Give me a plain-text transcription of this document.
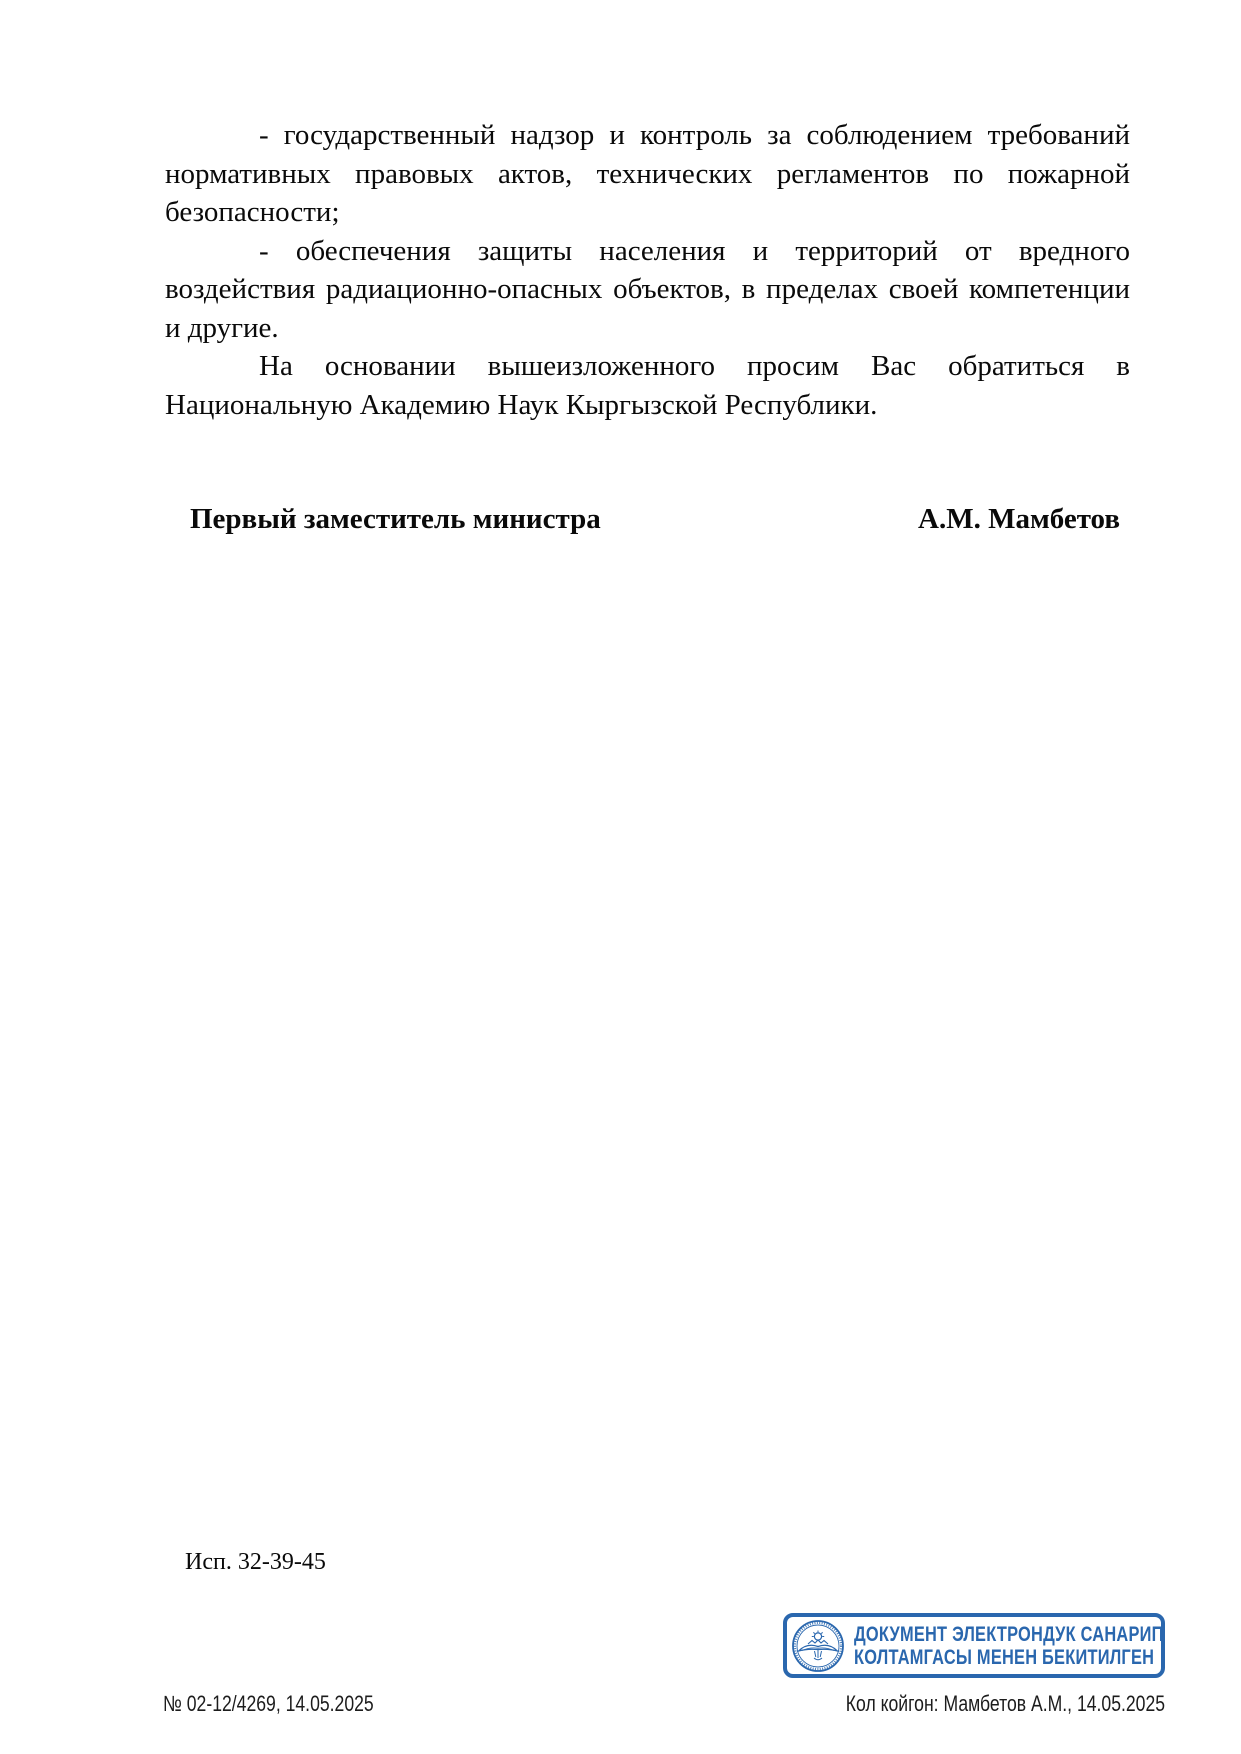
- государственный надзор и контроль за соблюдением требований нормативных правовых актов, технических регламентов по пожарной безопасности;

- обеспечения защиты населения и территорий от вредного воздействия радиационно-опасных объектов, в пределах своей компетенции и другие.

На основании вышеизложенного просим Вас обратиться в Национальную Академию Наук Кыргызской Республики.

Первый заместитель министра	А.М. Мамбетов
Исп. 32-39-45
ДОКУМЕНТ ЭЛЕКТРОНДУК САНАРИП
КОЛТАМГАСЫ МЕНЕН БЕКИТИЛГЕН
№ 02-12/4269, 14.05.2025	Кол койгон: Мамбетов А.М., 14.05.2025
